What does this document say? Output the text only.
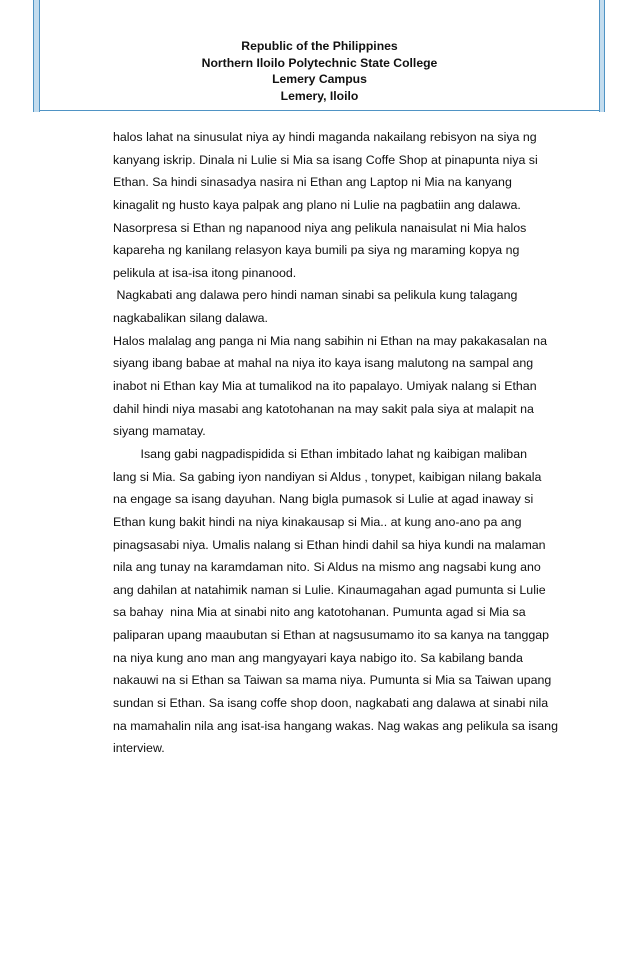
Republic of the Philippines
Northern Iloilo Polytechnic State College
Lemery Campus
Lemery, Iloilo
halos lahat na sinusulat niya ay hindi maganda nakailang rebisyon na siya ng
kanyang iskrip. Dinala ni Lulie si Mia sa isang Coffe Shop at pinapunta niya si
Ethan. Sa hindi sinasadya nasira ni Ethan ang Laptop ni Mia na kanyang
kinagalit ng husto kaya palpak ang plano ni Lulie na pagbatiin ang dalawa.
Nasorpresa si Ethan ng napanood niya ang pelikula nanaisulat ni Mia halos
kapareha ng kanilang relasyon kaya bumili pa siya ng maraming kopya ng
pelikula at isa-isa itong pinanood.
Nagkabati ang dalawa pero hindi naman sinabi sa pelikula kung talagang
nagkabalikan silang dalawa.
Halos malalag ang panga ni Mia nang sabihin ni Ethan na may pakakasalan na
siyang ibang babae at mahal na niya ito kaya isang malutong na sampal ang
inabot ni Ethan kay Mia at tumalikod na ito papalayo. Umiyak nalang si Ethan
dahil hindi niya masabi ang katotohanan na may sakit pala siya at malapit na
siyang mamatay.
Isang gabi nagpadispidida si Ethan imbitado lahat ng kaibigan maliban
lang si Mia. Sa gabing iyon nandiyan si Aldus , tonypet, kaibigan nilang bakala
na engage sa isang dayuhan. Nang bigla pumasok si Lulie at agad inaway si
Ethan kung bakit hindi na niya kinakausap si Mia.. at kung ano-ano pa ang
pinagsasabi niya. Umalis nalang si Ethan hindi dahil sa hiya kundi na malaman
nila ang tunay na karamdaman nito. Si Aldus na mismo ang nagsabi kung ano
ang dahilan at natahimik naman si Lulie. Kinaumagahan agad pumunta si Lulie
sa bahay  nina Mia at sinabi nito ang katotohanan. Pumunta agad si Mia sa
paliparan upang maaubutan si Ethan at nagsusumamo ito sa kanya na tanggap
na niya kung ano man ang mangyayari kaya nabigo ito. Sa kabilang banda
nakauwi na si Ethan sa Taiwan sa mama niya. Pumunta si Mia sa Taiwan upang
sundan si Ethan. Sa isang coffe shop doon, nagkabati ang dalawa at sinabi nila
na mamahalin nila ang isat-isa hangang wakas. Nag wakas ang pelikula sa isang
interview.
